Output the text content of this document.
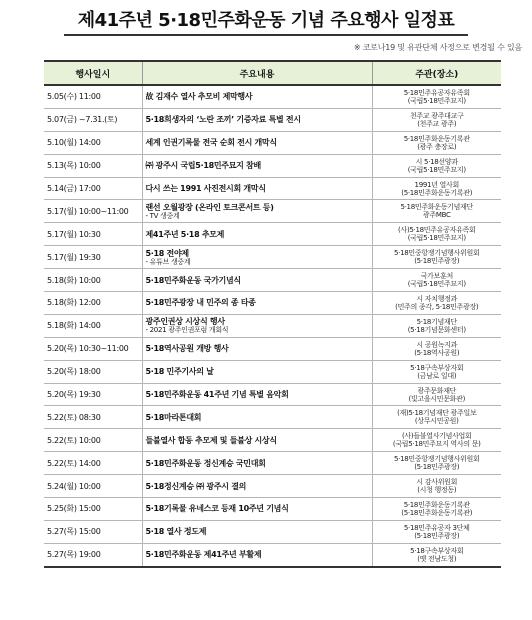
제41주년 5·18민주화운동 기념 주요행사 일정표
※ 코로나19 및 유관단체 사정으로 변경될 수 있음
행사일시	주요내용	주관(장소)
5.05(수) 11:00	故 김재수 열사 추모비 제막행사	5·18민주유공자유족회
(국립5·18민주묘지)

5.07(금) ~7.31.(토)	5·18희생자의 ‘노란 조끼’ 기증자료 특별 전시	천주교 광주대교구
(천주교 광주)

5.10(월) 14:00	세계 인권기록물 전국 순회 전시 개막식	5·18민주화운동기록관
(광주 충장로)

5.13(목) 10:00	㈜ 광주시 국립5·18민주묘지 참배	시 5·18선양과
(국립5·18민주묘지)

5.14(금) 17:00	다시 쓰는 1991 사진전시회 개막식	1991년 열사회
(5·18민주화운동기록관)

5.17(월) 10:00~11:00	랜선 오월광장 (온라인 토크콘서트 등)
- TV 생중계	5·18민주화운동기념재단
광주MBC

5.17(월) 10:30	제41주년 5·18 추모제	(사)5·18민주유공자유족회
(국립5·18민주묘지)

5.17(월) 19:30	5·18 전야제
- 유튜브 생중계	5·18민중항쟁기념행사위원회
(5·18민주광장)

5.18(화) 10:00	5·18민주화운동 국가기념식	국가보훈처
(국립5·18민주묘지)

5.18(화) 12:00	5·18민주광장 내 민주의 종 타종	시 자치행정과
(민주의 종각, 5·18민주광장)

5.18(화) 14:00	광주인권상 시상식 행사
- 2021 광주인권포럼 개회식	5·18기념재단
(5·18기념문화센터)

5.20(목) 10:30~11:00	5·18역사공원 개방 행사	시 공원녹지과
(5·18역사공원)

5.20(목) 18:00	5·18 민주기사의 날	5·18구속부상자회
(금남로 일대)

5.20(목) 19:30	5·18민주화운동 41주년 기념 특별 음악회	광주문화재단
(빛고을시민문화관)

5.22(토) 08:30	5·18마라톤대회	(재)5·18기념재단 광주일보
(상무시민공원)

5.22(토) 10:00	들불열사 합동 추모제 및 들불상 시상식	(사)들불열사기념사업회
(국립5·18민주묘지 역사의 문)

5.22(토) 14:00	5·18민주화운동 정신계승 국민대회	5·18민중항쟁기념행사위원회
(5·18민주광장)

5.24(월) 10:00	5·18정신계승 ㈜ 광주시 결의	시 감사위원회
(시청 행정동)

5.25(화) 15:00	5·18기록물 유네스코 등재 10주년 기념식	5·18민주화운동기록관
(5·18민주화운동기록관)

5.27(목) 15:00	5·18 열사 정도제	5·18민주유공자 3단체
(5·18민주광장)

5.27(목) 19:00	5·18민주화운동 제41주년 부활제	5·18구속부상자회
(옛 전남도청)
